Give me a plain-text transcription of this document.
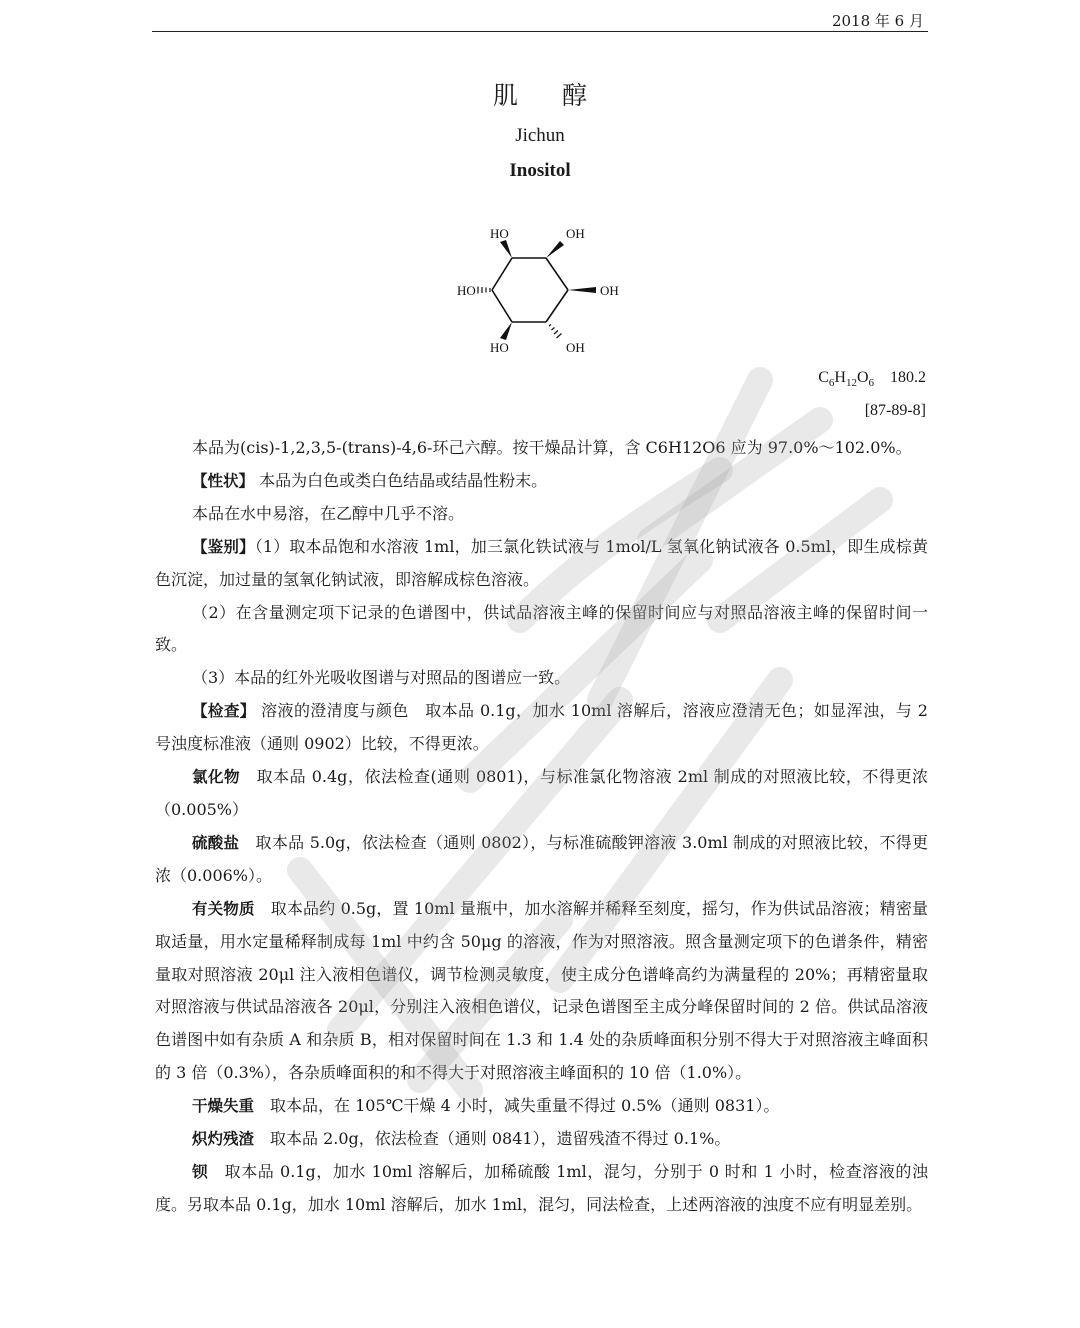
2018 年 6 月
肌醇
Jichun
Inositol
HO	OH
HO	OH
HO	OH
$C_6H_{12}O_6$ 180.2
[87-89-8]

本品为(cis)-1,2,3,5-(trans)-4,6-环己六醇。按干燥品计算，含 C6H12O6 应为 97.0%～102.0%。

【性状】 本品为白色或类白色结晶或结晶性粉末。

本品在水中易溶，在乙醇中几乎不溶。

【鉴别】（1）取本品饱和水溶液 1ml，加三氯化铁试液与 1mol/L 氢氧化钠试液各 0.5ml，即生成棕黄色沉淀，加过量的氢氧化钠试液，即溶解成棕色溶液。

（2）在含量测定项下记录的色谱图中，供试品溶液主峰的保留时间应与对照品溶液主峰的保留时间一致。

（3）本品的红外光吸收图谱与对照品的图谱应一致。

【检查】 溶液的澄清度与颜色　取本品 0.1g，加水 10ml 溶解后，溶液应澄清无色；如显浑浊，与 2 号浊度标准液（通则 0902）比较，不得更浓。

氯化物　取本品 0.4g，依法检查(通则 0801)，与标准氯化物溶液 2ml 制成的对照液比较，不得更浓（0.005%）

硫酸盐　取本品 5.0g，依法检查（通则 0802），与标准硫酸钾溶液 3.0ml 制成的对照液比较，不得更浓（0.006%）。

有关物质　取本品约 0.5g，置 10ml 量瓶中，加水溶解并稀释至刻度，摇匀，作为供试品溶液；精密量取适量，用水定量稀释制成每 1ml 中约含 50μg 的溶液，作为对照溶液。照含量测定项下的色谱条件，精密量取对照溶液 20μl 注入液相色谱仪，调节检测灵敏度，使主成分色谱峰高约为满量程的 20%；再精密量取对照溶液与供试品溶液各 20μl，分别注入液相色谱仪，记录色谱图至主成分峰保留时间的 2 倍。供试品溶液色谱图中如有杂质 A 和杂质 B，相对保留时间在 1.3 和 1.4 处的杂质峰面积分别不得大于对照溶液主峰面积的 3 倍（0.3%），各杂质峰面积的和不得大于对照溶液主峰面积的 10 倍（1.0%）。

干燥失重　取本品，在 105℃干燥 4 小时，减失重量不得过 0.5%（通则 0831）。

炽灼残渣　取本品 2.0g，依法检查（通则 0841），遗留残渣不得过 0.1%。

钡　取本品 0.1g，加水 10ml 溶解后，加稀硫酸 1ml，混匀，分别于 0 时和 1 小时，检查溶液的浊度。另取本品 0.1g，加水 10ml 溶解后，加水 1ml，混匀，同法检查，上述两溶液的浊度不应有明显差别。
